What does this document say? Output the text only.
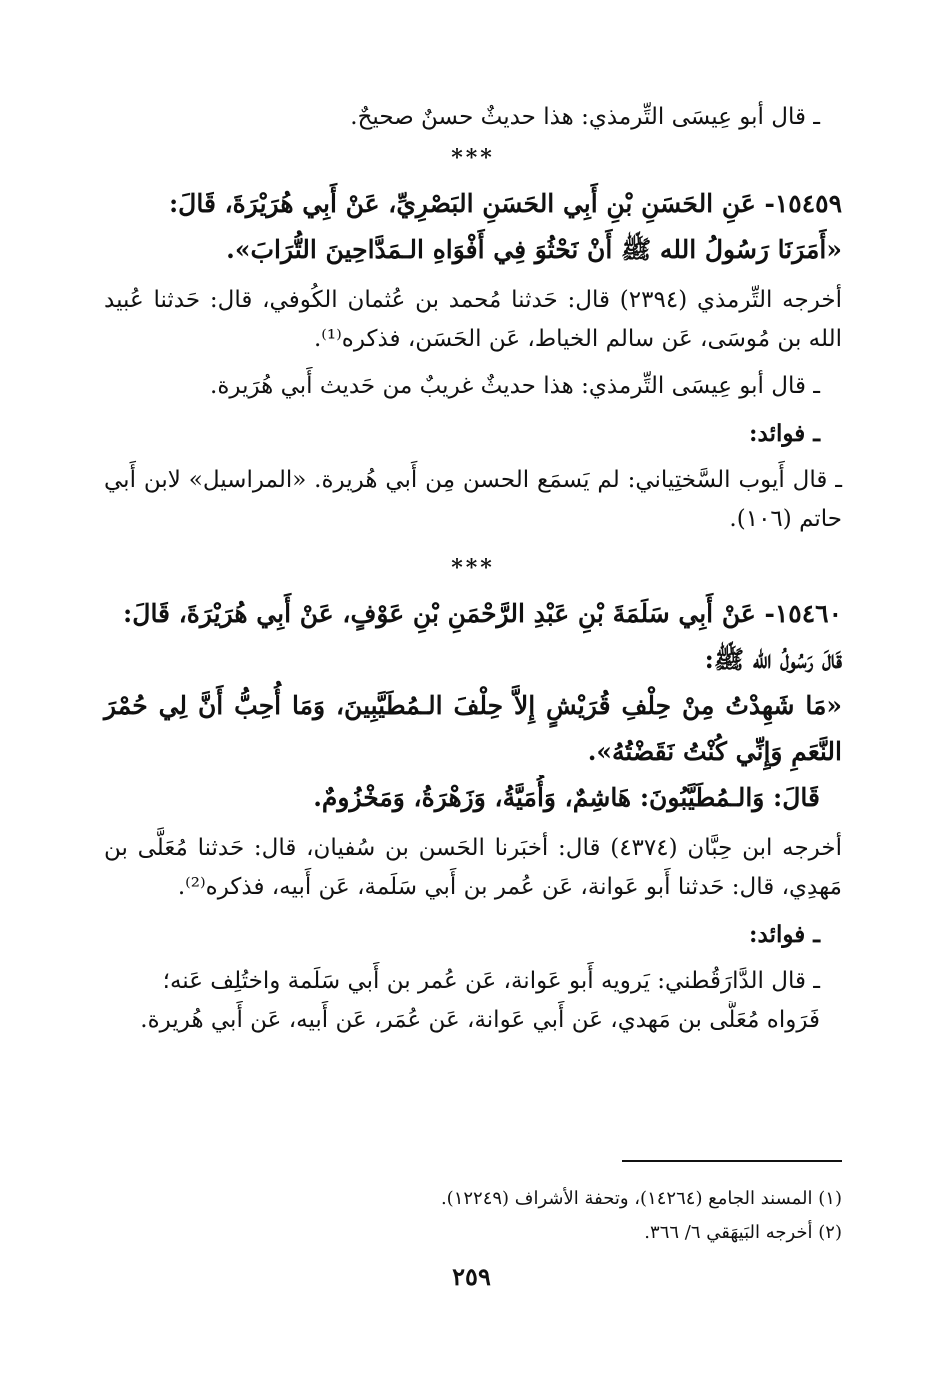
ـ قال أبو عِيسَى التِّرمذي: هذا حديثٌ حسنٌ صحيحٌ.
***
١٥٤٥٩- عَنِ الحَسَنِ بْنِ أَبِي الحَسَنِ البَصْرِيِّ، عَنْ أَبِي هُرَيْرَةَ، قَالَ:
«أَمَرَنَا رَسُولُ الله ﷺ أَنْ نَحْثُوَ فِي أَفْوَاهِ الـمَدَّاحِينَ التُّرَابَ».
أخرجه التِّرمذي (٢٣٩٤) قال: حَدثنا مُحمد بن عُثمان الكُوفي، قال: حَدثنا عُبيد الله بن مُوسَى، عَن سالم الخياط، عَن الحَسَن، فذكره⁽¹⁾.
ـ قال أبو عِيسَى التِّرمذي: هذا حديثٌ غريبٌ من حَديث أَبي هُرَيرة.
ـ فوائد:
ـ قال أَيوب السَّختِياني: لم يَسمَع الحسن مِن أَبي هُريرة. «المراسيل» لابن أَبي حاتم (١٠٦).
***
١٥٤٦٠- عَنْ أَبِي سَلَمَةَ بْنِ عَبْدِ الرَّحْمَنِ بْنِ عَوْفٍ، عَنْ أَبِي هُرَيْرَةَ، قَالَ:
قَالَ رَسُولُ الله ﷺ:
«مَا شَهِدْتُ مِنْ حِلْفِ قُرَيْشٍ إِلاَّ حِلْفَ الـمُطَيَّبِينَ، وَمَا أُحِبُّ أَنَّ لِي حُمْرَ النَّعَمِ وَإِنِّي كُنْتُ نَقَضْتُهُ».
قَالَ: وَالـمُطَيَّبُونَ: هَاشِمٌ، وَأُمَيَّةُ، وَزَهْرَةُ، وَمَخْزُومٌ.
أخرجه ابن حِبَّان (٤٣٧٤) قال: أخبَرنا الحَسن بن سُفيان، قال: حَدثنا مُعَلَّى بن مَهدِي، قال: حَدثنا أَبو عَوانة، عَن عُمر بن أَبي سَلَمة، عَن أَبيه، فذكره⁽²⁾.
ـ فوائد:
ـ قال الدَّارَقُطني: يَرويه أَبو عَوانة، عَن عُمر بن أَبي سَلَمة واختُلِف عَنه؛
فَرَواه مُعَلَّى بن مَهدي، عَن أَبي عَوانة، عَن عُمَر، عَن أَبيه، عَن أَبي هُريرة.
(١) المسند الجامع (١٤٢٦٤)، وتحفة الأشراف (١٢٢٤٩).
(٢) أخرجه البَيهَقي ٦/ ٣٦٦.
٢٥٩
